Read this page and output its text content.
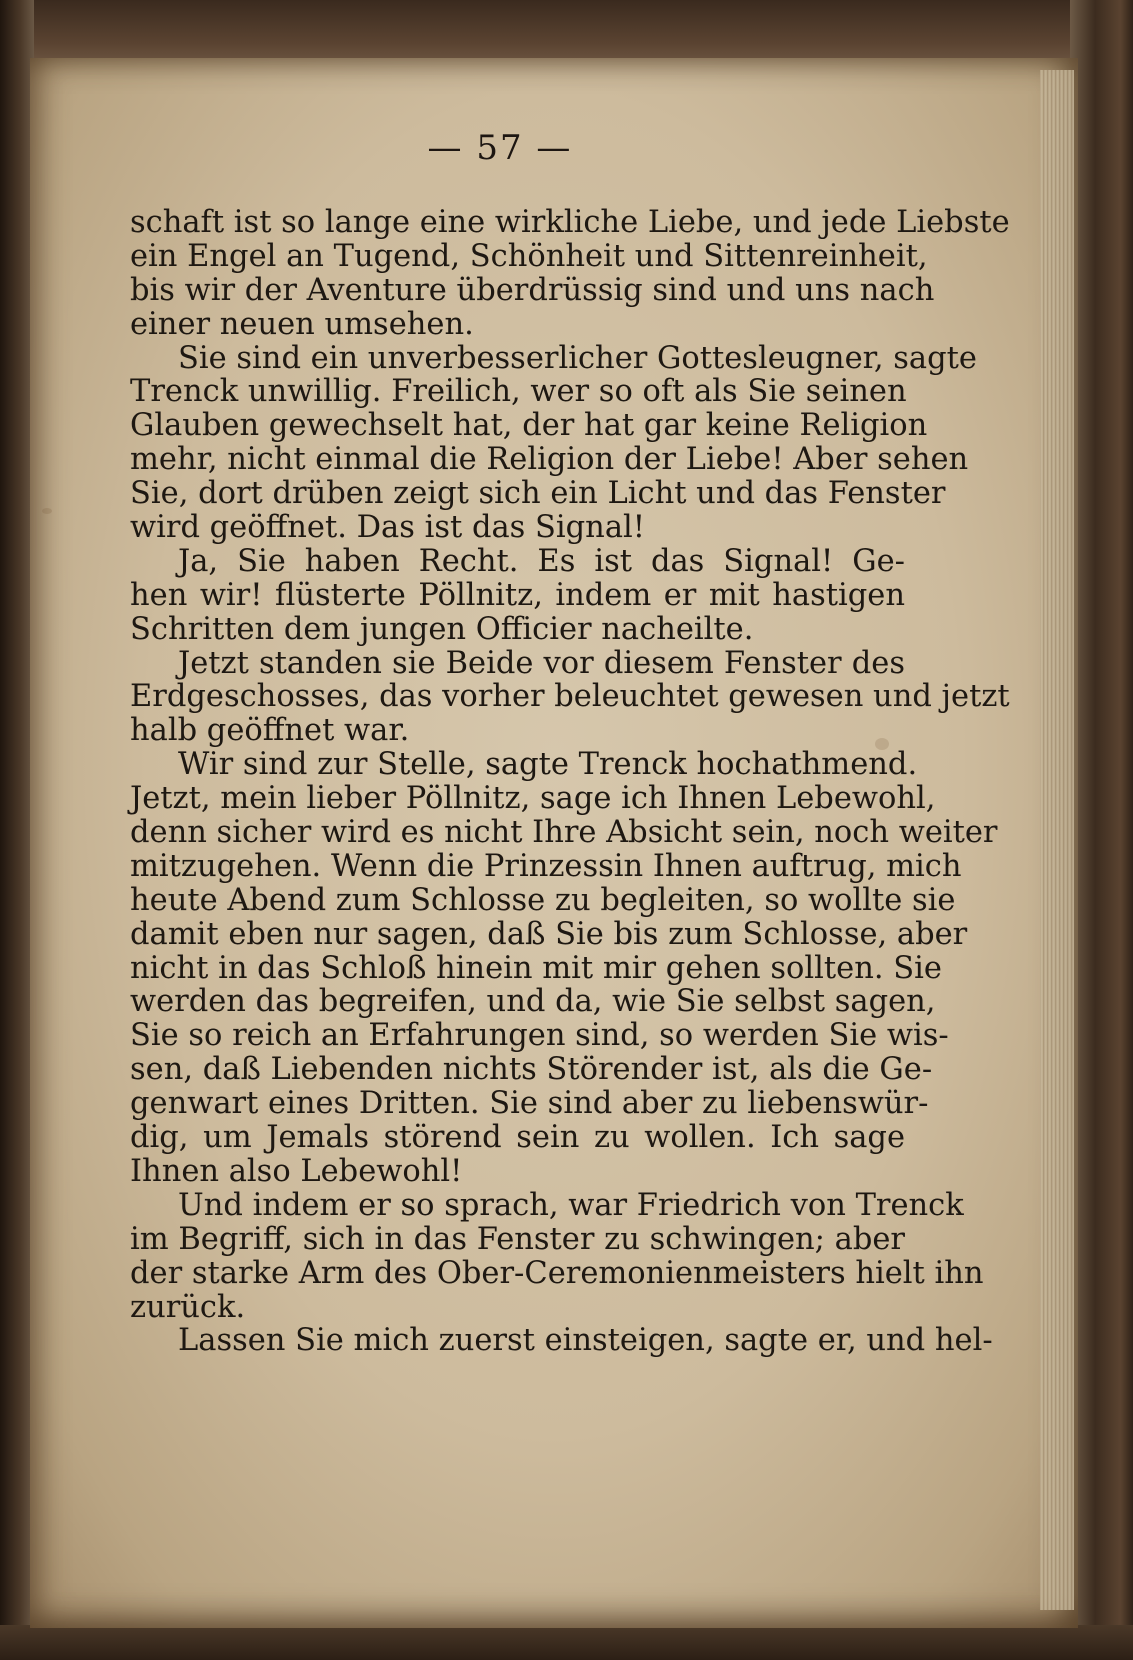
— 57 —
schaft ist so lange eine wirkliche Liebe, und jede Liebste
ein Engel an Tugend, Schönheit und Sittenreinheit,
bis wir der Aventure überdrüssig sind und uns nach
einer neuen umsehen.
Sie sind ein unverbesserlicher Gottesleugner, sagte
Trenck unwillig. Freilich, wer so oft als Sie seinen
Glauben gewechselt hat, der hat gar keine Religion
mehr, nicht einmal die Religion der Liebe! Aber sehen
Sie, dort drüben zeigt sich ein Licht und das Fenster
wird geöffnet. Das ist das Signal!
Ja, Sie haben Recht. Es ist das Signal! Ge-
hen wir! flüsterte Pöllnitz, indem er mit hastigen
Schritten dem jungen Officier nacheilte.
Jetzt standen sie Beide vor diesem Fenster des
Erdgeschosses, das vorher beleuchtet gewesen und jetzt
halb geöffnet war.
Wir sind zur Stelle, sagte Trenck hochathmend.
Jetzt, mein lieber Pöllnitz, sage ich Ihnen Lebewohl,
denn sicher wird es nicht Ihre Absicht sein, noch weiter
mitzugehen. Wenn die Prinzessin Ihnen auftrug, mich
heute Abend zum Schlosse zu begleiten, so wollte sie
damit eben nur sagen, daß Sie bis zum Schlosse, aber
nicht in das Schloß hinein mit mir gehen sollten. Sie
werden das begreifen, und da, wie Sie selbst sagen,
Sie so reich an Erfahrungen sind, so werden Sie wis-
sen, daß Liebenden nichts Störender ist, als die Ge-
genwart eines Dritten. Sie sind aber zu liebenswür-
dig, um Jemals störend sein zu wollen. Ich sage
Ihnen also Lebewohl!
Und indem er so sprach, war Friedrich von Trenck
im Begriff, sich in das Fenster zu schwingen; aber
der starke Arm des Ober-Ceremonienmeisters hielt ihn
zurück.
Lassen Sie mich zuerst einsteigen, sagte er, und hel-
